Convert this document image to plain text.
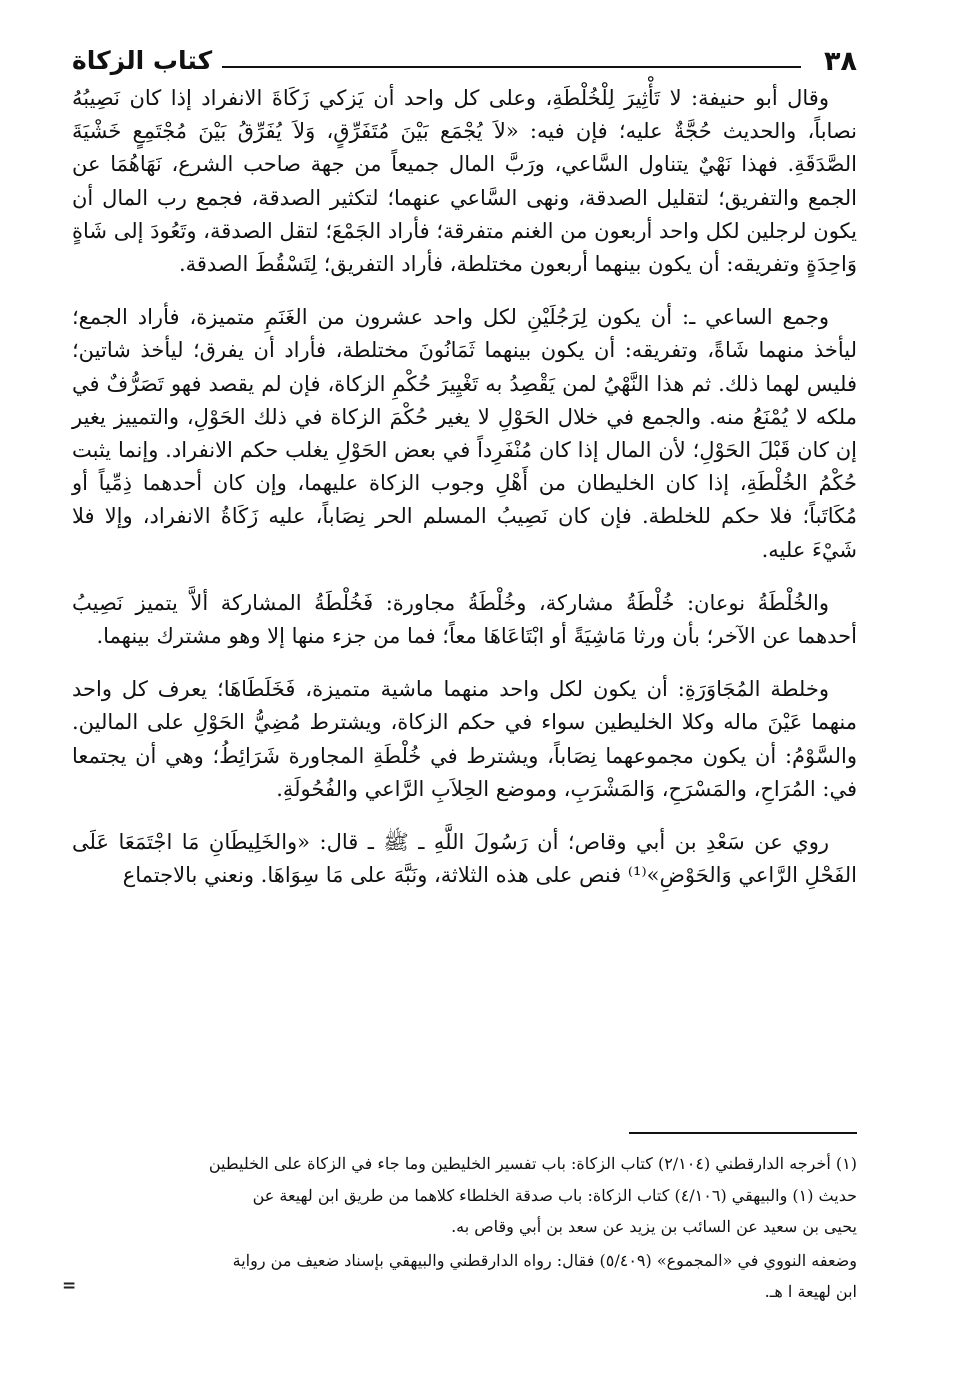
٣٨
كتاب الزكاة

وقال أبو حنيفة: لا تَأْثِيرَ لِلْخُلْطَةِ، وعلى كل واحد أن يَزكي زَكَاةَ الانفراد إذا كان نَصِيبُهُ نصاباً، والحديث حُجَّةٌ عليه؛ فإن فيه: «لاَ يُجْمَع بَيْنَ مُتَفَرِّقٍ، وَلاَ يُفَرِّقُ بَيْنَ مُجْتَمِعٍ خَشْيَةَ الصَّدَقَةِ. فهذا نَهْيٌ يتناول السَّاعي، ورَبَّ المال جميعاً من جهة صاحب الشرع، نَهَاهُمَا عن الجمع والتفريق؛ لتقليل الصدقة، ونهى السَّاعي عنهما؛ لتكثير الصدقة، فجمع رب المال أن يكون لرجلين لكل واحد أربعون من الغنم متفرقة؛ فأراد الجَمْعَ؛ لتقل الصدقة، وتَعُودَ إلى شَاةٍ وَاحِدَةٍ وتفريقه: أن يكون بينهما أربعون مختلطة، فأراد التفريق؛ لِتَسْقُطَ الصدقة.

وجمع الساعي ـ: أن يكون لِرَجُلَيْنِ لكل واحد عشرون من الغَنَمِ متميزة، فأراد الجمع؛ ليأخذ منهما شَاةً، وتفريقه: أن يكون بينهما ثَمَانُونَ مختلطة، فأراد أن يفرق؛ ليأخذ شاتين؛ فليس لهما ذلك. ثم هذا النَّهْيُ لمن يَقْصِدُ به تَغْيِيرَ حُكْمِ الزكاة، فإن لم يقصد فهو تَصَرُّفٌ في ملكه لا يُمْنَعُ منه. والجمع في خلال الحَوْلِ لا يغير حُكْمَ الزكاة في ذلك الحَوْلِ، والتمييز يغير إن كان قَبْلَ الحَوْلِ؛ لأن المال إذا كان مُنْفَرِداً في بعض الحَوْلِ يغلب حكم الانفراد. وإنما يثبت حُكْمُ الخُلْطَةِ، إذا كان الخليطان من أَهْلِ وجوب الزكاة عليهما، وإن كان أحدهما ذِمِّياً أو مُكَاتَباً؛ فلا حكم للخلطة. فإن كان نَصِيبُ المسلم الحر نِصَاباً، عليه زَكَاةُ الانفراد، وإلا فلا شَيْءَ عليه.

والخُلْطَةُ نوعان: خُلْطَةُ مشاركة، وخُلْطَةُ مجاورة: فَخُلْطَةُ المشاركة ألاَّ يتميز نَصِيبُ أحدهما عن الآخر؛ بأن ورثا مَاشِيَةً أو ابْتَاعَاهَا معاً؛ فما من جزء منها إلا وهو مشترك بينهما.

وخلطة المُجَاوَرَةِ: أن يكون لكل واحد منهما ماشية متميزة، فَخَلَطَاهَا؛ يعرف كل واحد منهما عَيْنَ ماله وكلا الخليطين سواء في حكم الزكاة، ويشترط مُضِيُّ الحَوْلِ على المالين. والسَّوْمُ: أن يكون مجموعهما نِصَاباً، ويشترط في خُلْطَةِ المجاورة شَرَائِطُ؛ وهي أن يجتمعا في: المُرَاحِ، والمَسْرَحِ، وَالمَشْرَبِ، وموضع الحِلاَبِ الرَّاعي والفُحُولَةِ.

روي عن سَعْدِ بن أبي وقاص؛ أن رَسُولَ اللَّهِ ـ ﷺ ـ قال: «والخَلِيطَانِ مَا اجْتَمَعَا عَلَى الفَحْلِ الرَّاعي وَالحَوْضِ»⁽¹⁾ فنص على هذه الثلاثة، ونَبَّهَ على مَا سِوَاهَا. ونعني بالاجتماع

(١) أخرجه الدارقطني (٢/١٠٤) كتاب الزكاة: باب تفسير الخليطين وما جاء في الزكاة على الخليطين
حديث (١) والبيهقي (٤/١٠٦) كتاب الزكاة: باب صدقة الخلطاء كلاهما من طريق ابن لهيعة عن
يحيى بن سعيد عن السائب بن يزيد عن سعد بن أبي وقاص به.
وضعفه النووي في «المجموع» (٥/٤٠٩) فقال: رواه الدارقطني والبيهقي بإسناد ضعيف من رواية
ابن لهيعة ا هـ.
=
